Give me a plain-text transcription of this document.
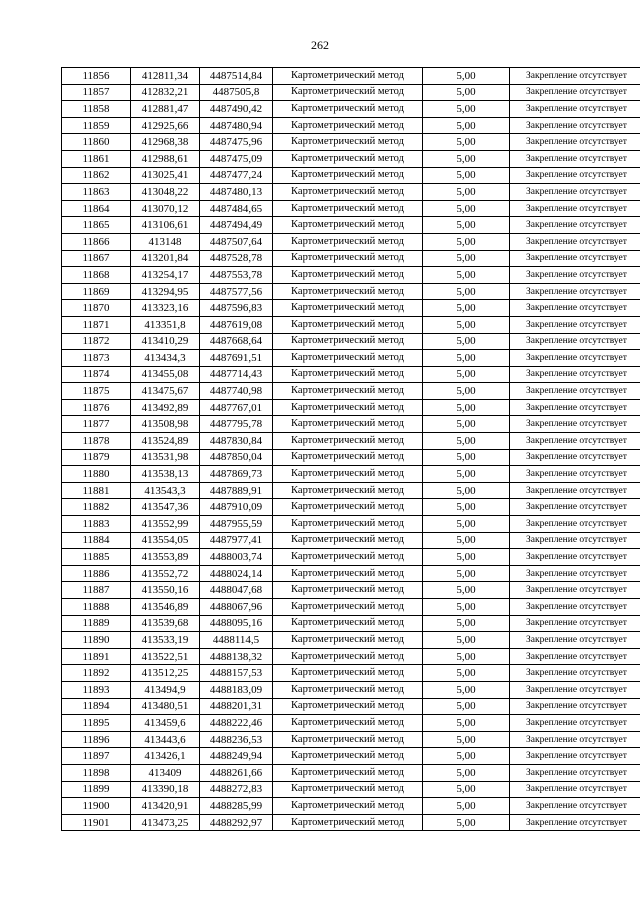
262
11856	412811,34	4487514,84	Картометрический метод	5,00	Закрепление отсутствует
11857	412832,21	4487505,8	Картометрический метод	5,00	Закрепление отсутствует
11858	412881,47	4487490,42	Картометрический метод	5,00	Закрепление отсутствует
11859	412925,66	4487480,94	Картометрический метод	5,00	Закрепление отсутствует
11860	412968,38	4487475,96	Картометрический метод	5,00	Закрепление отсутствует
11861	412988,61	4487475,09	Картометрический метод	5,00	Закрепление отсутствует
11862	413025,41	4487477,24	Картометрический метод	5,00	Закрепление отсутствует
11863	413048,22	4487480,13	Картометрический метод	5,00	Закрепление отсутствует
11864	413070,12	4487484,65	Картометрический метод	5,00	Закрепление отсутствует
11865	413106,61	4487494,49	Картометрический метод	5,00	Закрепление отсутствует
11866	413148	4487507,64	Картометрический метод	5,00	Закрепление отсутствует
11867	413201,84	4487528,78	Картометрический метод	5,00	Закрепление отсутствует
11868	413254,17	4487553,78	Картометрический метод	5,00	Закрепление отсутствует
11869	413294,95	4487577,56	Картометрический метод	5,00	Закрепление отсутствует
11870	413323,16	4487596,83	Картометрический метод	5,00	Закрепление отсутствует
11871	413351,8	4487619,08	Картометрический метод	5,00	Закрепление отсутствует
11872	413410,29	4487668,64	Картометрический метод	5,00	Закрепление отсутствует
11873	413434,3	4487691,51	Картометрический метод	5,00	Закрепление отсутствует
11874	413455,08	4487714,43	Картометрический метод	5,00	Закрепление отсутствует
11875	413475,67	4487740,98	Картометрический метод	5,00	Закрепление отсутствует
11876	413492,89	4487767,01	Картометрический метод	5,00	Закрепление отсутствует
11877	413508,98	4487795,78	Картометрический метод	5,00	Закрепление отсутствует
11878	413524,89	4487830,84	Картометрический метод	5,00	Закрепление отсутствует
11879	413531,98	4487850,04	Картометрический метод	5,00	Закрепление отсутствует
11880	413538,13	4487869,73	Картометрический метод	5,00	Закрепление отсутствует
11881	413543,3	4487889,91	Картометрический метод	5,00	Закрепление отсутствует
11882	413547,36	4487910,09	Картометрический метод	5,00	Закрепление отсутствует
11883	413552,99	4487955,59	Картометрический метод	5,00	Закрепление отсутствует
11884	413554,05	4487977,41	Картометрический метод	5,00	Закрепление отсутствует
11885	413553,89	4488003,74	Картометрический метод	5,00	Закрепление отсутствует
11886	413552,72	4488024,14	Картометрический метод	5,00	Закрепление отсутствует
11887	413550,16	4488047,68	Картометрический метод	5,00	Закрепление отсутствует
11888	413546,89	4488067,96	Картометрический метод	5,00	Закрепление отсутствует
11889	413539,68	4488095,16	Картометрический метод	5,00	Закрепление отсутствует
11890	413533,19	4488114,5	Картометрический метод	5,00	Закрепление отсутствует
11891	413522,51	4488138,32	Картометрический метод	5,00	Закрепление отсутствует
11892	413512,25	4488157,53	Картометрический метод	5,00	Закрепление отсутствует
11893	413494,9	4488183,09	Картометрический метод	5,00	Закрепление отсутствует
11894	413480,51	4488201,31	Картометрический метод	5,00	Закрепление отсутствует
11895	413459,6	4488222,46	Картометрический метод	5,00	Закрепление отсутствует
11896	413443,6	4488236,53	Картометрический метод	5,00	Закрепление отсутствует
11897	413426,1	4488249,94	Картометрический метод	5,00	Закрепление отсутствует
11898	413409	4488261,66	Картометрический метод	5,00	Закрепление отсутствует
11899	413390,18	4488272,83	Картометрический метод	5,00	Закрепление отсутствует
11900	413420,91	4488285,99	Картометрический метод	5,00	Закрепление отсутствует
11901	413473,25	4488292,97	Картометрический метод	5,00	Закрепление отсутствует
